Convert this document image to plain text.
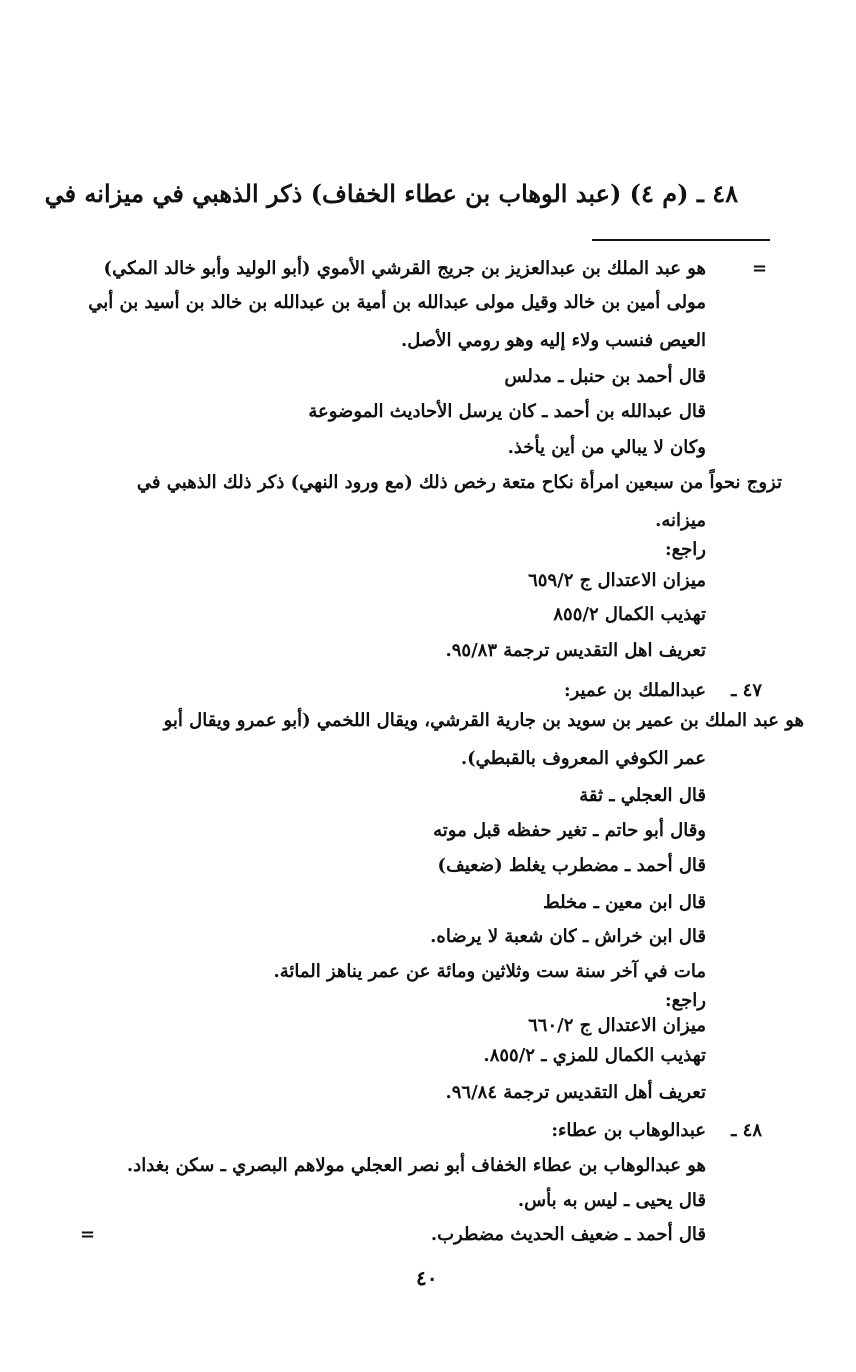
٤٨ ـ (م ٤) (عبد الوهاب بن عطاء الخفاف) ذكر الذهبي في ميزانه في
=
هو عبد الملك بن عبدالعزيز بن جريج القرشي الأموي (أبو الوليد وأبو خالد المكي)
مولى أمين بن خالد وقيل مولى عبدالله بن أمية بن عبدالله بن خالد بن أسيد بن أبي
العيص فنسب ولاء إليه وهو رومي الأصل.
قال أحمد بن حنبل ـ مدلس
قال عبدالله بن أحمد ـ كان يرسل الأحاديث الموضوعة
وكان لا يبالي من أين يأخذ.
تزوج نحواً من سبعين امرأة نكاح متعة رخص ذلك (مع ورود النهي) ذكر ذلك الذهبي في
ميزانه.
راجع:
ميزان الاعتدال ج ٦٥٩/٢
تهذيب الكمال ٨٥٥/٢
تعريف اهل التقديس ترجمة ٩٥/٨٣.
٤٧ ـ
عبدالملك بن عمير:
هو عبد الملك بن عمير بن سويد بن جارية القرشي، ويقال اللخمي (أبو عمرو ويقال أبو
عمر الكوفي المعروف بالقبطي).
قال العجلي ـ ثقة
وقال أبو حاتم ـ تغير حفظه قبل موته
قال أحمد ـ مضطرب يغلط (ضعيف)
قال ابن معين ـ مخلط
قال ابن خراش ـ كان شعبة لا يرضاه.
مات في آخر سنة ست وثلاثين ومائة عن عمر يناهز المائة.
راجع:
ميزان الاعتدال ج ٦٦٠/٢
تهذيب الكمال للمزي ـ ٨٥٥/٢.
تعريف أهل التقديس ترجمة ٩٦/٨٤.
٤٨ ـ
عبدالوهاب بن عطاء:
هو عبدالوهاب بن عطاء الخفاف أبو نصر العجلي مولاهم البصري ـ سكن بغداد.
قال يحيى ـ ليس به بأس.
قال أحمد ـ ضعيف الحديث مضطرب.
=
٤٠
